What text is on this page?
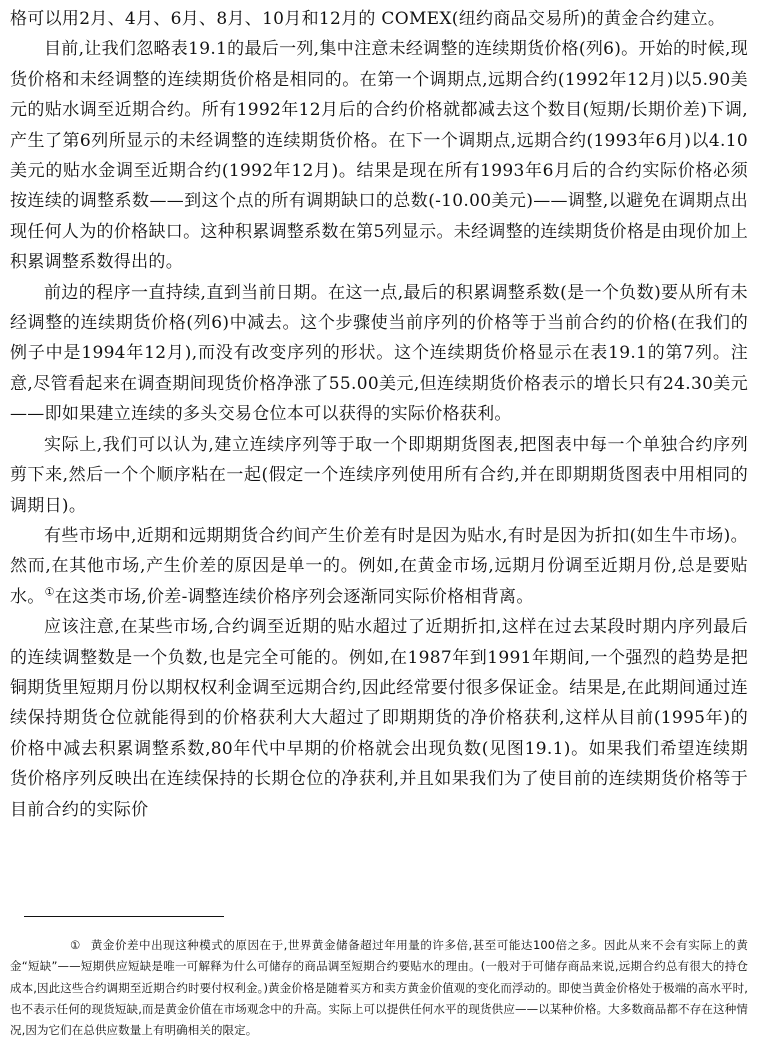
格可以用2月、4月、6月、8月、10月和12月的 COMEX(纽约商品交易所)的黄金合约建立。

目前,让我们忽略表19.1的最后一列,集中注意未经调整的连续期货价格(列6)。开始的时候,现货价格和未经调整的连续期货价格是相同的。在第一个调期点,远期合约(1992年12月)以5.90美元的贴水调至近期合约。所有1992年12月后的合约价格就都减去这个数目(短期/长期价差)下调,产生了第6列所显示的未经调整的连续期货价格。在下一个调期点,远期合约(1993年6月)以4.10美元的贴水金调至近期合约(1992年12月)。结果是现在所有1993年6月后的合约实际价格必须按连续的调整系数——到这个点的所有调期缺口的总数(-10.00美元)——调整,以避免在调期点出现任何人为的价格缺口。这种积累调整系数在第5列显示。未经调整的连续期货价格是由现价加上积累调整系数得出的。

前边的程序一直持续,直到当前日期。在这一点,最后的积累调整系数(是一个负数)要从所有未经调整的连续期货价格(列6)中减去。这个步骤使当前序列的价格等于当前合约的价格(在我们的例子中是1994年12月),而没有改变序列的形状。这个连续期货价格显示在表19.1的第7列。注意,尽管看起来在调查期间现货价格净涨了55.00美元,但连续期货价格表示的增长只有24.30美元——即如果建立连续的多头交易仓位本可以获得的实际价格获利。

实际上,我们可以认为,建立连续序列等于取一个即期期货图表,把图表中每一个单独合约序列剪下来,然后一个个顺序粘在一起(假定一个连续序列使用所有合约,并在即期期货图表中用相同的调期日)。

有些市场中,近期和远期期货合约间产生价差有时是因为贴水,有时是因为折扣(如生牛市场)。然而,在其他市场,产生价差的原因是单一的。例如,在黄金市场,远期月份调至近期月份,总是要贴水。①在这类市场,价差-调整连续价格序列会逐渐同实际价格相背离。

应该注意,在某些市场,合约调至近期的贴水超过了近期折扣,这样在过去某段时期内序列最后的连续调整数是一个负数,也是完全可能的。例如,在1987年到1991年期间,一个强烈的趋势是把铜期货里短期月份以期权权利金调至远期合约,因此经常要付很多保证金。结果是,在此期间通过连续保持期货仓位就能得到的价格获利大大超过了即期期货的净价格获利,这样从目前(1995年)的价格中减去积累调整系数,80年代中早期的价格就会出现负数(见图19.1)。如果我们希望连续期货价格序列反映出在连续保持的长期仓位的净获利,并且如果我们为了使目前的连续期货价格等于目前合约的实际价

① 黄金价差中出现这种模式的原因在于,世界黄金储备超过年用量的许多倍,甚至可能达100倍之多。因此从来不会有实际上的黄金“短缺”——短期供应短缺是唯一可解释为什么可储存的商品调至短期合约要贴水的理由。(一般对于可储存商品来说,远期合约总有很大的持仓成本,因此这些合约调期至近期合约时要付权利金。)黄金价格是随着买方和卖方黄金价值观的变化而浮动的。即使当黄金价格处于极端的高水平时,也不表示任何的现货短缺,而是黄金价值在市场观念中的升高。实际上可以提供任何水平的现货供应——以某种价格。大多数商品都不存在这种情况,因为它们在总供应数量上有明确相关的限定。
